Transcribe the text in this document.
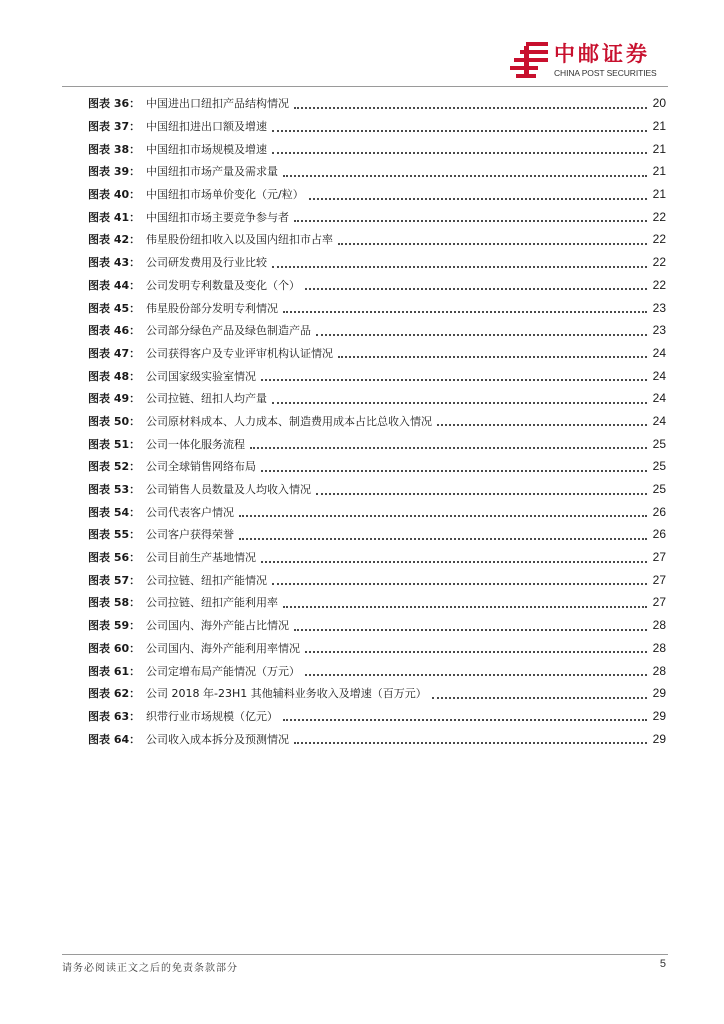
中邮证券
CHINA POST SECURITIES
图表 36： 中国进出口纽扣产品结构情况	20
图表 37： 中国纽扣进出口额及增速	21
图表 38： 中国纽扣市场规模及增速	21
图表 39： 中国纽扣市场产量及需求量	21
图表 40： 中国纽扣市场单价变化（元/粒）	21
图表 41： 中国纽扣市场主要竞争参与者	22
图表 42： 伟星股份纽扣收入以及国内纽扣市占率	22
图表 43： 公司研发费用及行业比较	22
图表 44： 公司发明专利数量及变化（个）	22
图表 45： 伟星股份部分发明专利情况	23
图表 46： 公司部分绿色产品及绿色制造产品	23
图表 47： 公司获得客户及专业评审机构认证情况	24
图表 48： 公司国家级实验室情况	24
图表 49： 公司拉链、纽扣人均产量	24
图表 50： 公司原材料成本、人力成本、制造费用成本占比总收入情况	24
图表 51： 公司一体化服务流程	25
图表 52： 公司全球销售网络布局	25
图表 53： 公司销售人员数量及人均收入情况	25
图表 54： 公司代表客户情况	26
图表 55： 公司客户获得荣誉	26
图表 56： 公司目前生产基地情况	27
图表 57： 公司拉链、纽扣产能情况	27
图表 58： 公司拉链、纽扣产能利用率	27
图表 59： 公司国内、海外产能占比情况	28
图表 60： 公司国内、海外产能利用率情况	28
图表 61： 公司定增布局产能情况（万元）	28
图表 62： 公司 2018 年-23H1 其他辅料业务收入及增速（百万元）	29
图表 63： 织带行业市场规模（亿元）	29
图表 64： 公司收入成本拆分及预测情况	29
请务必阅读正文之后的免责条款部分	5
